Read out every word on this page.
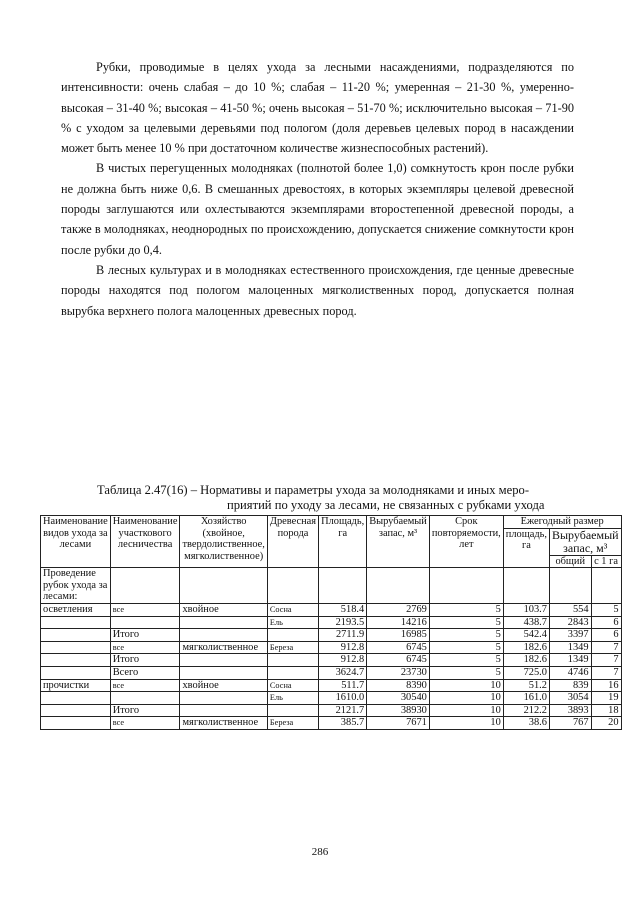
Рубки, проводимые в целях ухода за лесными насаждениями, подразделяются по интенсивности: очень слабая – до 10 %; слабая – 11-20 %; умеренная – 21-30 %, умеренно-высокая – 31-40 %; высокая – 41-50 %; очень высокая – 51-70 %; исключительно высокая – 71-90 % с уходом за целевыми деревьями под пологом (доля деревьев целевых пород в насаждении может быть менее 10 % при достаточном количестве жизнеспособных растений).

В чистых перегущенных молодняках (полнотой более 1,0) сомкнутость крон после рубки не должна быть ниже 0,6. В смешанных древостоях, в которых экземпляры целевой древесной породы заглушаются или охлестываются экземплярами второстепенной древесной породы, а также в молодняках, неоднородных по происхождению, допускается снижение сомкнутости крон после рубки до 0,4.

В лесных культурах и в молодняках естественного происхождения, где ценные древесные породы находятся под пологом малоценных мягколиственных пород, допускается полная вырубка верхнего полога малоценных древесных пород.

Таблица 2.47(16) – Нормативы и параметры ухода за молодняками и иных меро-
приятий по уходу за лесами, не связанных с рубками ухода
Наименование видов ухода за лесами	Наименование участкового лесничества	Хозяйство (хвойное, твердолиственное, мягколиственное)	Древесная порода	Площадь, га	Вырубаемый запас, м³	Срок повторяемости, лет	Ежегодный размер		
							площадь, га	Вырубаемый запас, м³	
								общий	с 1 га
Проведение рубок ухода за лесами:									
осветления	все	хвойное	Сосна	518.4	2769	5	103.7	554	5
			Ель	2193.5	14216	5	438.7	2843	6
	Итого			2711.9	16985	5	542.4	3397	6
	все	мягколиственное	Береза	912.8	6745	5	182.6	1349	7
	Итого			912.8	6745	5	182.6	1349	7
	Всего			3624.7	23730	5	725.0	4746	7
прочистки	все	хвойное	Сосна	511.7	8390	10	51.2	839	16
			Ель	1610.0	30540	10	161.0	3054	19
	Итого			2121.7	38930	10	212.2	3893	18
	все	мягколиственное	Береза	385.7	7671	10	38.6	767	20
286
